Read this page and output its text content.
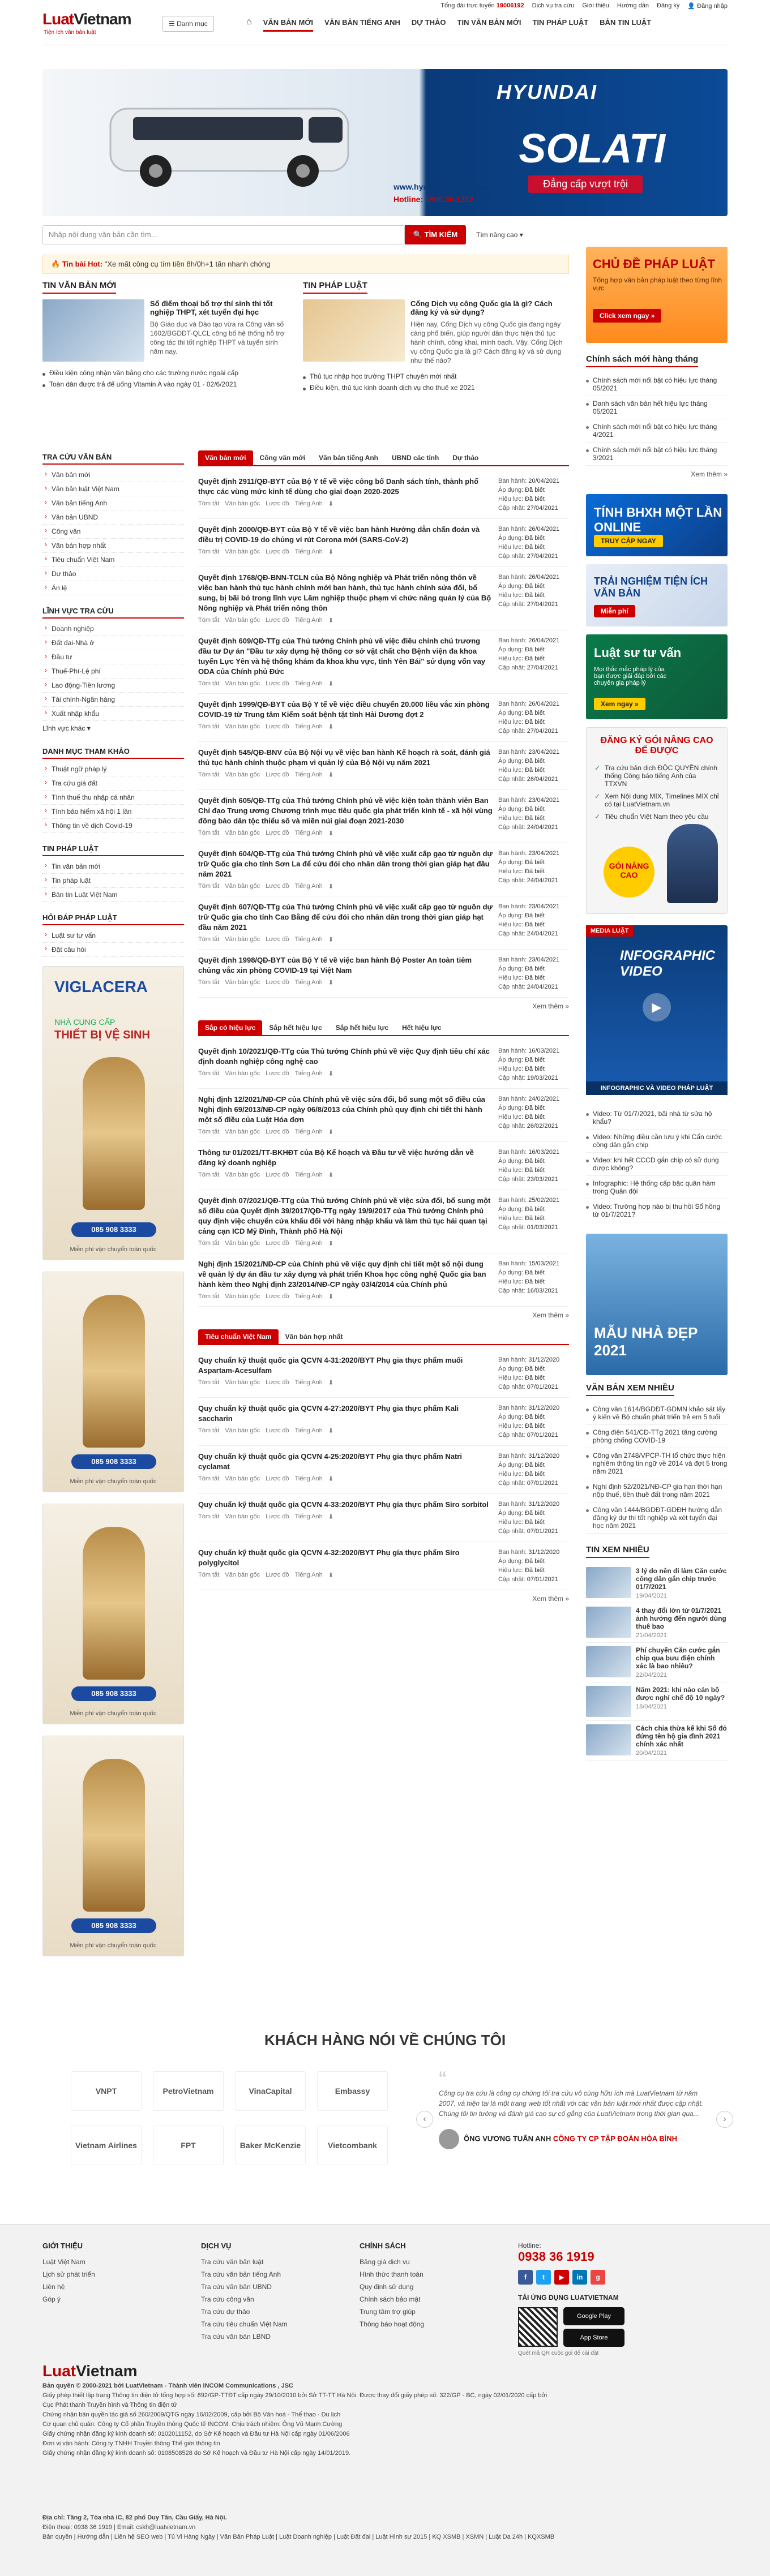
Tổng đài trực tuyến 19006192 Dịch vụ tra cứu Giới thiệu Hướng dẫn Đăng ký 👤 Đăng nhập
LuatVietnam
Tiện ích văn bản luật
☰ Danh mục	⌂ VĂN BẢN MỚI VĂN BẢN TIẾNG ANH DỰ THẢO TIN VĂN BẢN MỚI TIN PHÁP LUẬT BẢN TIN LUẬT
HYUNDAI
SOLATI
Đẳng cấp vượt trội
www.hyundai.tcmotor.vn
Hotline: 1900.56.1212
Nhập nội dung văn bản cần tìm...	🔍 TÌM KIẾM	Tìm nâng cao ▾
🔥 Tin bài Hot: "Xe mất công cụ tìm tiền 8h/0h+1 tấn nhanh chóng
TIN VĂN BẢN MỚI
Sổ điểm thoại bổ trợ thí sinh thi tốt nghiệp THPT, xét tuyển đại học
Bộ Giáo dục và Đào tạo vừa ra Công văn số 1602/BGDĐT-QLCL công bố hệ thống hỗ trợ công tác thi tốt nghiệp THPT và tuyển sinh năm nay.
Điều kiện công nhận văn bằng cho các trường nước ngoài cấp
Toàn dân được trả để uống Vitamin A vào ngày 01 - 02/6/2021
TIN PHÁP LUẬT
Cổng Dịch vụ công Quốc gia là gì? Cách đăng ký và sử dụng?
Hiện nay, Cổng Dịch vụ công Quốc gia đang ngày càng phổ biến, giúp người dân thực hiện thủ tục hành chính, công khai, minh bạch. Vậy, Cổng Dịch vụ công Quốc gia là gì? Cách đăng ký và sử dụng như thế nào?
Thủ tục nhập học trường THPT chuyên mới nhất
Điều kiện, thủ tục kinh doanh dịch vụ cho thuê xe 2021
TRA CỨU VĂN BẢN
› Văn bản mới
› Văn bản luật Việt Nam
› Văn bản tiếng Anh
› Văn bản UBND
› Công văn
› Văn bản hợp nhất
› Tiêu chuẩn Việt Nam
› Dự thảo
› Án lệ
LĨNH VỰC TRA CỨU
› Doanh nghiệp
› Đất đai-Nhà ở
› Đầu tư
› Thuế-Phí-Lệ phí
› Lao động-Tiền lương
› Tài chính-Ngân hàng
› Xuất nhập khẩu
Lĩnh vực khác ▾
DANH MỤC THAM KHẢO
› Thuật ngữ pháp lý
› Tra cứu giá đất
› Tính thuế thu nhập cá nhân
› Tính bảo hiểm xã hội 1 lần
› Thông tin về dịch Covid-19
TIN PHÁP LUẬT
› Tin văn bản mới
› Tin pháp luật
› Bản tin Luật Việt Nam
HỎI ĐÁP PHÁP LUẬT
› Luật sư tư vấn
› Đặt câu hỏi
VIGLACERA
NHÀ CUNG CẤP
THIẾT BỊ VỆ SINH
085 908 3333
Miễn phí vận chuyển toàn quốc
085 908 3333
Miễn phí vận chuyển toàn quốc
085 908 3333
Miễn phí vận chuyển toàn quốc
085 908 3333
Miễn phí vận chuyển toàn quốc
Văn bản mới	Công văn mới	Văn bản tiếng Anh	UBND các tỉnh	Dự thảo
Quyết định 2911/QĐ-BYT của Bộ Y tế về việc công bố Danh sách tính, thành phố thực các vùng mức kinh tế dùng cho giai đoạn 2020-2025
Tóm tắt Văn bản gốc Lược đồ Tiếng Anh ⬇
Ban hành: 20/04/2021
Áp dụng: Đã biết
Hiệu lực: Đã biết
Cập nhật: 27/04/2021
Quyết định 2000/QĐ-BYT của Bộ Y tế về việc ban hành Hướng dẫn chẩn đoán và điều trị COVID-19 do chủng vi rút Corona mới (SARS-CoV-2)
Tóm tắt Văn bản gốc Lược đồ Tiếng Anh ⬇
Ban hành: 26/04/2021
Áp dụng: Đã biết
Hiệu lực: Đã biết
Cập nhật: 27/04/2021
Quyết định 1768/QĐ-BNN-TCLN của Bộ Nông nghiệp và Phát triển nông thôn về việc ban hành thủ tục hành chính mới ban hành, thủ tục hành chính sửa đổi, bổ sung, bị bãi bỏ trong lĩnh vực Lâm nghiệp thuộc phạm vi chức năng quản lý của Bộ Nông nghiệp và Phát triển nông thôn
Tóm tắt Văn bản gốc Lược đồ Tiếng Anh ⬇
Ban hành: 26/04/2021
Áp dụng: Đã biết
Hiệu lực: Đã biết
Cập nhật: 27/04/2021
Quyết định 609/QĐ-TTg của Thủ tướng Chính phủ về việc điều chỉnh chủ trương đầu tư Dự án "Đầu tư xây dựng hệ thống cơ sở vật chất cho Bệnh viện đa khoa tuyến Lực Yên và hệ thống khám đa khoa khu vực, tỉnh Yên Bái" sử dụng vốn vay ODA của Chính phủ Đức
Tóm tắt Văn bản gốc Lược đồ Tiếng Anh ⬇
Ban hành: 26/04/2021
Áp dụng: Đã biết
Hiệu lực: Đã biết
Cập nhật: 27/04/2021
Quyết định 1999/QĐ-BYT của Bộ Y tế về việc điều chuyển 20.000 liều vắc xin phòng COVID-19 từ Trung tâm Kiểm soát bệnh tật tỉnh Hải Dương đợt 2
Tóm tắt Văn bản gốc Lược đồ Tiếng Anh ⬇
Ban hành: 26/04/2021
Áp dụng: Đã biết
Hiệu lực: Đã biết
Cập nhật: 27/04/2021
Quyết định 545/QĐ-BNV của Bộ Nội vụ về việc ban hành Kế hoạch rà soát, đánh giá thủ tục hành chính thuộc phạm vi quản lý của Bộ Nội vụ năm 2021
Tóm tắt Văn bản gốc Lược đồ Tiếng Anh ⬇
Ban hành: 23/04/2021
Áp dụng: Đã biết
Hiệu lực: Đã biết
Cập nhật: 26/04/2021
Quyết định 605/QĐ-TTg của Thủ tướng Chính phủ về việc kiện toàn thành viên Ban Chỉ đạo Trung ương Chương trình mục tiêu quốc gia phát triển kinh tế - xã hội vùng đồng bào dân tộc thiểu số và miền núi giai đoạn 2021-2030
Tóm tắt Văn bản gốc Lược đồ Tiếng Anh ⬇
Ban hành: 23/04/2021
Áp dụng: Đã biết
Hiệu lực: Đã biết
Cập nhật: 24/04/2021
Quyết định 604/QĐ-TTg của Thủ tướng Chính phủ về việc xuất cấp gạo từ nguồn dự trữ Quốc gia cho tỉnh Sơn La để cứu đói cho nhân dân trong thời gian giáp hạt đầu năm 2021
Tóm tắt Văn bản gốc Lược đồ Tiếng Anh ⬇
Ban hành: 23/04/2021
Áp dụng: Đã biết
Hiệu lực: Đã biết
Cập nhật: 24/04/2021
Quyết định 607/QĐ-TTg của Thủ tướng Chính phủ về việc xuất cấp gạo từ nguồn dự trữ Quốc gia cho tỉnh Cao Bằng để cứu đói cho nhân dân trong thời gian giáp hạt đầu năm 2021
Tóm tắt Văn bản gốc Lược đồ Tiếng Anh ⬇
Ban hành: 23/04/2021
Áp dụng: Đã biết
Hiệu lực: Đã biết
Cập nhật: 24/04/2021
Quyết định 1998/QĐ-BYT của Bộ Y tế về việc ban hành Bộ Poster An toàn tiêm chủng vắc xin phòng COVID-19 tại Việt Nam
Tóm tắt Văn bản gốc Lược đồ Tiếng Anh ⬇
Ban hành: 23/04/2021
Áp dụng: Đã biết
Hiệu lực: Đã biết
Cập nhật: 24/04/2021
Xem thêm »
Sắp có hiệu lực	Sắp hết hiệu lực	Sắp hết hiệu lực	Hết hiệu lực
Quyết định 10/2021/QĐ-TTg của Thủ tướng Chính phủ về việc Quy định tiêu chí xác định doanh nghiệp công nghệ cao
Tóm tắt Văn bản gốc Lược đồ Tiếng Anh ⬇
Ban hành: 16/03/2021
Áp dụng: Đã biết
Hiệu lực: Đã biết
Cập nhật: 19/03/2021
Nghị định 12/2021/NĐ-CP của Chính phủ về việc sửa đổi, bổ sung một số điều của Nghị định 69/2013/NĐ-CP ngày 06/8/2013 của Chính phủ quy định chi tiết thi hành một số điều của Luật Hóa đơn
Tóm tắt Văn bản gốc Lược đồ Tiếng Anh ⬇
Ban hành: 24/02/2021
Áp dụng: Đã biết
Hiệu lực: Đã biết
Cập nhật: 26/02/2021
Thông tư 01/2021/TT-BKHĐT của Bộ Kế hoạch và Đầu tư về việc hướng dẫn về đăng ký doanh nghiệp
Tóm tắt Văn bản gốc Lược đồ Tiếng Anh ⬇
Ban hành: 16/03/2021
Áp dụng: Đã biết
Hiệu lực: Đã biết
Cập nhật: 23/03/2021
Quyết định 07/2021/QĐ-TTg của Thủ tướng Chính phủ về việc sửa đổi, bổ sung một số điều của Quyết định 39/2017/QĐ-TTg ngày 19/9/2017 của Thủ tướng Chính phủ quy định việc chuyển cửa khẩu đối với hàng nhập khẩu và làm thủ tục hải quan tại cảng cạn ICD Mỹ Đình, Thành phố Hà Nội
Tóm tắt Văn bản gốc Lược đồ Tiếng Anh ⬇
Ban hành: 25/02/2021
Áp dụng: Đã biết
Hiệu lực: Đã biết
Cập nhật: 01/03/2021
Nghị định 15/2021/NĐ-CP của Chính phủ về việc quy định chi tiết một số nội dung về quản lý dự án đầu tư xây dựng và phát triển Khoa học công nghệ Quốc gia ban hành kèm theo Nghị định 23/2014/NĐ-CP ngày 03/4/2014 của Chính phủ
Tóm tắt Văn bản gốc Lược đồ Tiếng Anh ⬇
Ban hành: 15/03/2021
Áp dụng: Đã biết
Hiệu lực: Đã biết
Cập nhật: 16/03/2021
Xem thêm »
Tiêu chuẩn Việt Nam	Văn bản hợp nhất
Quy chuẩn kỹ thuật quốc gia QCVN 4-31:2020/BYT Phụ gia thực phẩm muối Aspartam-Acesulfam
Tóm tắt Văn bản gốc Lược đồ Tiếng Anh ⬇
Ban hành: 31/12/2020
Áp dụng: Đã biết
Hiệu lực: Đã biết
Cập nhật: 07/01/2021
Quy chuẩn kỹ thuật quốc gia QCVN 4-27:2020/BYT Phụ gia thực phẩm Kali saccharin
Tóm tắt Văn bản gốc Lược đồ Tiếng Anh ⬇
Ban hành: 31/12/2020
Áp dụng: Đã biết
Hiệu lực: Đã biết
Cập nhật: 07/01/2021
Quy chuẩn kỹ thuật quốc gia QCVN 4-25:2020/BYT Phụ gia thực phẩm Natri cyclamat
Tóm tắt Văn bản gốc Lược đồ Tiếng Anh ⬇
Ban hành: 31/12/2020
Áp dụng: Đã biết
Hiệu lực: Đã biết
Cập nhật: 07/01/2021
Quy chuẩn kỹ thuật quốc gia QCVN 4-33:2020/BYT Phụ gia thực phẩm Siro sorbitol
Tóm tắt Văn bản gốc Lược đồ Tiếng Anh ⬇
Ban hành: 31/12/2020
Áp dụng: Đã biết
Hiệu lực: Đã biết
Cập nhật: 07/01/2021
Quy chuẩn kỹ thuật quốc gia QCVN 4-32:2020/BYT Phụ gia thực phẩm Siro polyglycitol
Tóm tắt Văn bản gốc Lược đồ Tiếng Anh ⬇
Ban hành: 31/12/2020
Áp dụng: Đã biết
Hiệu lực: Đã biết
Cập nhật: 07/01/2021
Xem thêm »
CHỦ ĐỀ PHÁP LUẬT
Tổng hợp văn bản pháp luật theo từng lĩnh vực
Click xem ngay »
Chính sách mới hàng tháng
Chính sách mới nổi bật có hiệu lực tháng 05/2021
Danh sách văn bản hết hiệu lực tháng 05/2021
Chính sách mới nổi bật có hiệu lực tháng 4/2021
Chính sách mới nổi bật có hiệu lực tháng 3/2021
Xem thêm »
TÍNH BHXH MỘT LẦN ONLINE
TRUY CẬP NGAY
TRẢI NGHIỆM TIỆN ÍCH VĂN BẢN
Miễn phí
Luật sư tư vấn
Mọi thắc mắc pháp lý của bạn được giải đáp bởi các chuyên gia pháp lý
Xem ngay »
ĐĂNG KÝ GÓI NÂNG CAO ĐỂ ĐƯỢC
✓ Tra cứu bản dịch ĐỘC QUYỀN chính thống Công báo tiếng Anh của TTXVN
✓ Xem Nội dung MIX, Timelines MIX chỉ có tại LuatVietnam.vn
✓ Tiêu chuẩn Việt Nam theo yêu cầu
GÓI NÂNG CAO
MEDIA LUẬT
INFOGRAPHIC VIDEO
▶
INFOGRAPHIC VÀ VIDEO PHÁP LUẬT
Video: Từ 01/7/2021, bãi nhà từ sửa hộ khẩu?
Video: Những điều cần lưu ý khi Cẩn cước công dân gắn chip
Video: khi hết CCCD gắn chip có sử dụng được không?
Infographic: Hệ thống cấp bậc quân hàm trong Quân đội
Video: Trường hợp nào bị thu hồi Sổ hồng từ 01/7/2021?
MẪU NHÀ ĐẸP 2021
VĂN BẢN XEM NHIỀU
Công văn 1614/BGDĐT-GDMN khảo sát lấy ý kiến về Bộ chuẩn phát triển trẻ em 5 tuổi
Công điện 541/CĐ-TTg 2021 tăng cường phòng chống COVID-19
Công văn 2748/VPCP-TH tổ chức thực hiện nghiêm thông tin ngữ về 2014 và đợt 5 trong năm 2021
Nghị định 52/2021/NĐ-CP gia hạn thời hạn nộp thuế, tiền thuê đất trong năm 2021
Công văn 1444/BGDĐT-GDĐH hướng dẫn đăng ký dự thi tốt nghiệp và xét tuyển đại học năm 2021
TIN XEM NHIỀU
3 lý do nên đi làm Căn cước công dân gắn chip trước 01/7/2021
19/04/2021
4 thay đổi lớn từ 01/7/2021 ảnh hưởng đến người dùng thuê bao
21/04/2021
Phí chuyển Căn cước gắn chip qua bưu điện chính xác là bao nhiêu?
22/04/2021
Năm 2021: khi nào cán bộ được nghỉ chế độ 10 ngày?
18/04/2021
Cách chia thừa kế khi Sổ đỏ đứng tên hộ gia đình 2021 chính xác nhất
20/04/2021
KHÁCH HÀNG NÓI VỀ CHÚNG TÔI
VNPT	PetroVietnam	VinaCapital	Embassy
Vietnam Airlines	FPT	Baker McKenzie	Vietcombank
‹
“
Công cụ tra cứu là công cụ chúng tôi tra cứu vô cùng hữu ích mà LuatVietnam từ năm 2007, và hiện tại là một trang web tốt nhất với các văn bản luật mới nhất được cập nhật. Chúng tôi tin tưởng và đánh giá cao sự cố gắng của LuatVietnam trong thời gian qua...
ÔNG VƯƠNG TUẤN ANH CÔNG TY CP TẬP ĐOÀN HÒA BÌNH
›
GIỚI THIỆU
Luật Việt Nam
Lịch sử phát triển
Liên hệ
Góp ý
DỊCH VỤ
Tra cứu văn bản luật
Tra cứu văn bản tiếng Anh
Tra cứu văn bản UBND
Tra cứu công văn
Tra cứu dự thảo
Tra cứu tiêu chuẩn Việt Nam
Tra cứu văn bản LBND
CHÍNH SÁCH
Bảng giá dịch vụ
Hình thức thanh toán
Quy định sử dụng
Chính sách bảo mật
Trung tâm trợ giúp
Thông báo hoạt động
Hotline:
0938 36 1919
f	t	▶	in	g
TẢI ỨNG DỤNG LUATVIETNAM
Google Play
App Store
Quét mã QR cuộc gọi để cài đặt
LuatVietnam
Bản quyền © 2000-2021 bởi LuatVietnam - Thành viên INCOM Communications , JSC
Giấy phép thiết lập trang Thông tin điện tử tổng hợp số: 692/GP-TTĐT cấp ngày 29/10/2010 bởi Sở TT-TT Hà Nội. Được thay đổi giấy phép số: 322/GP - BC, ngày 02/01/2020 cấp bởi Cục Phát thanh Truyền hình và Thông tin điện tử
Chứng nhận bản quyền tác giả số 260/2009/QTG ngày 16/02/2009, cấp bởi Bộ Văn hoá - Thể thao - Du lịch
Cơ quan chủ quản: Công ty Cổ phần Truyền thông Quốc tế INCOM. Chịu trách nhiệm: Ông Vũ Mạnh Cường
Giấy chứng nhận đăng ký kinh doanh số: 0102011152, do Sở Kế hoạch và Đầu tư Hà Nội cấp ngày 01/06/2006
Đơn vị vận hành: Công ty TNHH Truyền thông Thế giới thông tin
Giấy chứng nhận đăng ký kinh doanh số: 0108508528 do Sở Kế hoạch và Đầu tư Hà Nội cấp ngày 14/01/2019.
Địa chỉ: Tầng 2, Tòa nhà IC, 82 phố Duy Tân, Cầu Giấy, Hà Nội.
Điện thoại: 0938 36 1919 | Email: cskh@luatvietnam.vn
Bản quyền | Hướng dẫn | Liên hệ SEO web | Tủ Vi Hàng Ngày | Văn Bản Pháp Luật | Luật Doanh nghiệp | Luật Đất đai | Luật Hình sự 2015 | KQ XSMB | XSMN | Luật Da 24h | KQXSMB
